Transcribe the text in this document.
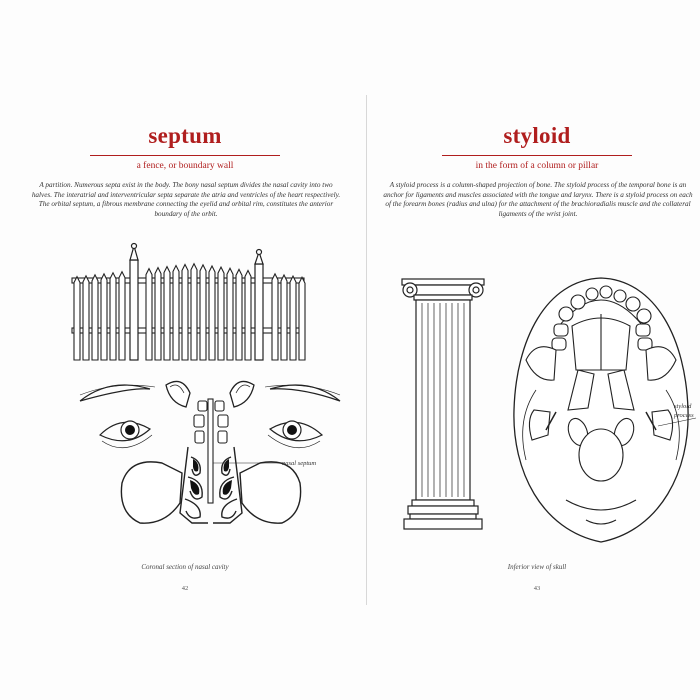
septum
a fence, or boundary wall
A partition. Numerous septa exist in the body. The bony nasal septum divides the nasal cavity into two halves. The interatrial and interventricular septa separate the atria and ventricles of the heart respectively. The orbital septum, a fibrous membrane connecting the eyelid and orbital rim, constitutes the anterior boundary of the orbit.
nasal septum
Coronal section of nasal cavity
42
styloid
in the form of a column or pillar
A styloid process is a column-shaped projection of bone. The styloid process of the temporal bone is an anchor for ligaments and muscles associated with the tongue and larynx. There is a styloid process on each of the forearm bones (radius and ulna) for the attachment of the brachioradialis muscle and the collateral ligaments of the wrist joint.
styloid process
Inferior view of skull
43
